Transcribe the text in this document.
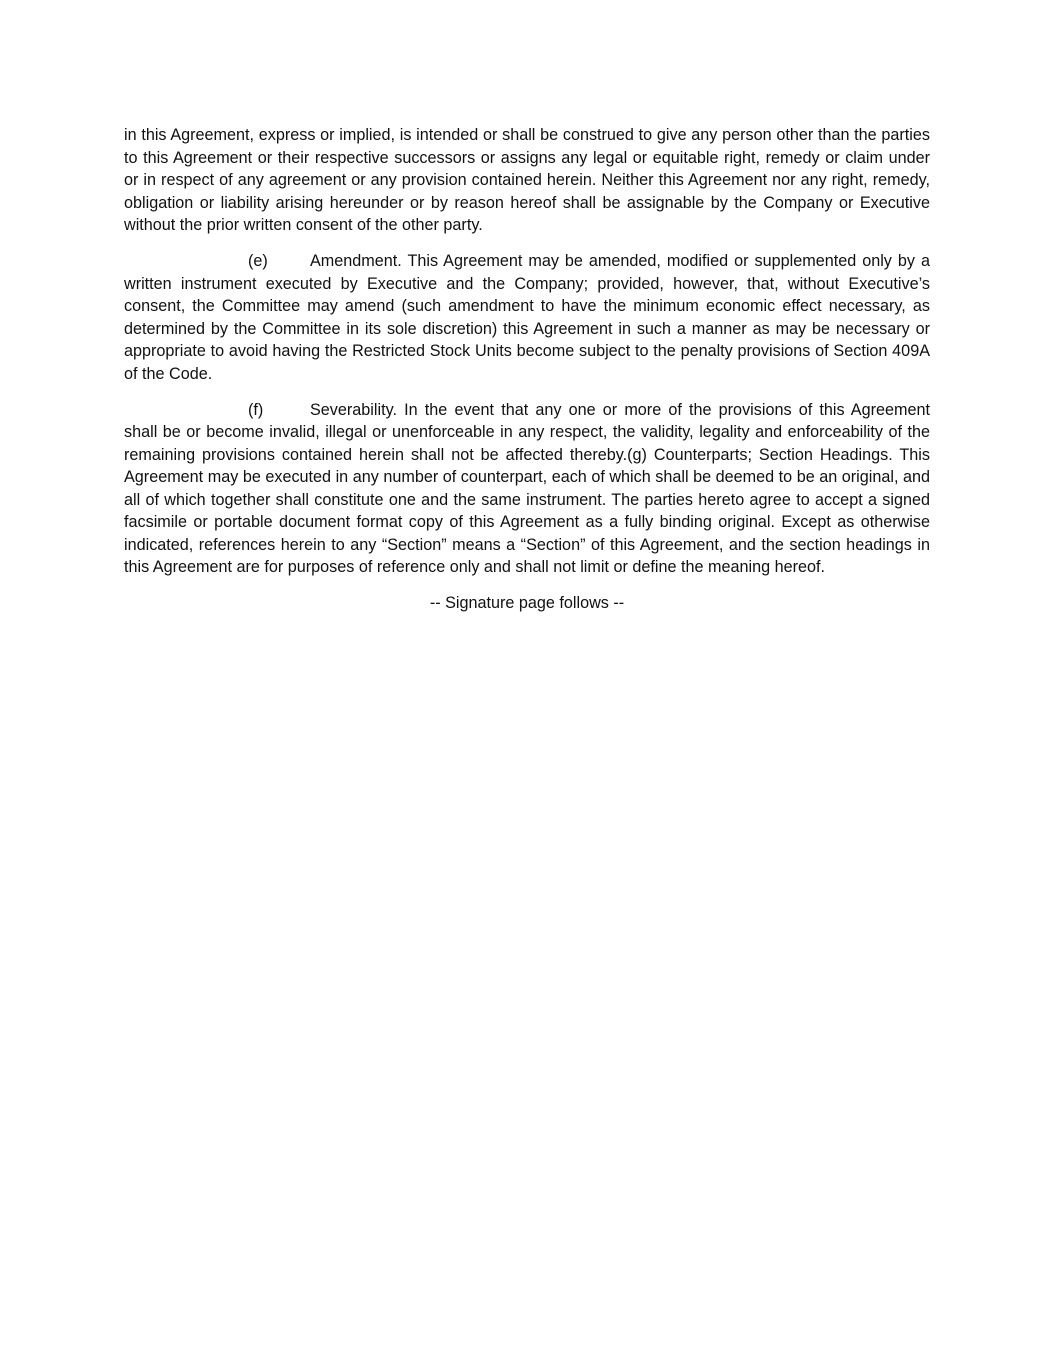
in this Agreement, express or implied, is intended or shall be construed to give any person other than the parties to this Agreement or their respective successors or assigns any legal or equitable right, remedy or claim under or in respect of any agreement or any provision contained herein. Neither this Agreement nor any right, remedy, obligation or liability arising hereunder or by reason hereof shall be assignable by the Company or Executive without the prior written consent of the other party.

(e)	Amendment. This Agreement may be amended, modified or supplemented only by a written instrument executed by Executive and the Company; provided, however, that, without Executive’s consent, the Committee may amend (such amendment to have the minimum economic effect necessary, as determined by the Committee in its sole discretion) this Agreement in such a manner as may be necessary or appropriate to avoid having the Restricted Stock Units become subject to the penalty provisions of Section 409A of the Code.

(f)	Severability. In the event that any one or more of the provisions of this Agreement shall be or become invalid, illegal or unenforceable in any respect, the validity, legality and enforceability of the remaining provisions contained herein shall not be affected thereby.(g) Counterparts; Section Headings. This Agreement may be executed in any number of counterpart, each of which shall be deemed to be an original, and all of which together shall constitute one and the same instrument. The parties hereto agree to accept a signed facsimile or portable document format copy of this Agreement as a fully binding original. Except as otherwise indicated, references herein to any “Section” means a “Section” of this Agreement, and the section headings in this Agreement are for purposes of reference only and shall not limit or define the meaning hereof.

-- Signature page follows --
